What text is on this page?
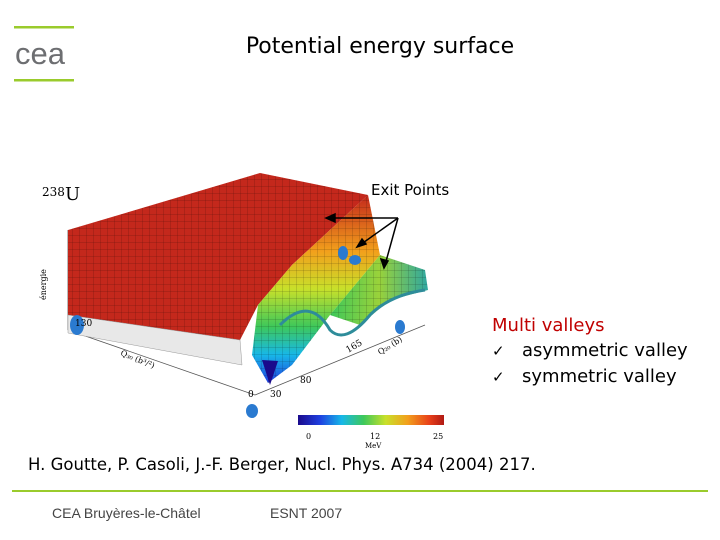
cea	Potential energy surface
238 U
énergie
130
80
30
0
165
Q₃₀ (b³/²)
Q₂₀ (b)
0	12	25
MeV
Exit Points
Multi valleys
✓ asymmetric valley
✓ symmetric valley
H. Goutte, P. Casoli, J.-F. Berger, Nucl. Phys. A734 (2004) 217.
CEA Bruyères-le-Châtel	ESNT 2007
